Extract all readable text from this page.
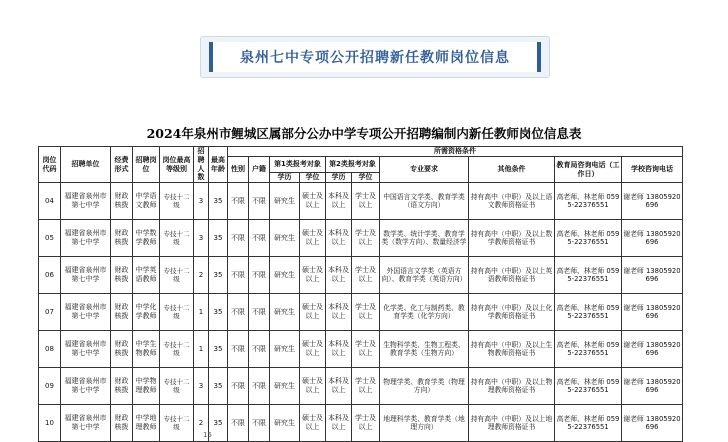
泉州七中专项公开招聘新任教师岗位信息
2024年泉州市鲤城区属部分公办中学专项公开招聘编制内新任教师岗位信息表
岗位代码	招聘单位	经费形式	招聘岗位	岗位最高等级别	招聘人数	最高年龄	所需资格条件									
							性别	户籍	第1类报考对象		第2类报考对象		专业要求	其他条件	教育局咨询电话（工作日）	学校咨询电话
									学历	学位	学历	学位				
04	福建省泉州市第七中学	财政核拨	中学语文教师	专技十二级	3	35	不限	不限	研究生	硕士及以上	本科及以上	学士及以上	中国语言文学类、教育学类（语文方向）	持有高中（中职）及以上语文教师资格证书	高老师、林老师 0595-22376551	谢老师 13805920696
05	福建省泉州市第七中学	财政核拨	中学数学教师	专技十二级	3	35	不限	不限	研究生	硕士及以上	本科及以上	学士及以上	数学类、统计学类、教育学类（数学方向）、数量经济学	持有高中（中职）及以上数学教师资格证书	高老师、林老师 0595-22376551	谢老师 13805920696
06	福建省泉州市第七中学	财政核拨	中学英语教师	专技十二级	2	35	不限	不限	研究生	硕士及以上	本科及以上	学士及以上	外国语言文学类（英语方向）、教育学类（英语方向）	持有高中（中职）及以上英语教师资格证书	高老师、林老师 0595-22376551	谢老师 13805920696
07	福建省泉州市第七中学	财政核拨	中学化学教师	专技十二级	1	35	不限	不限	研究生	硕士及以上	本科及以上	学士及以上	化学类、化工与制药类、教育学类（化学方向）	持有高中（中职）及以上化学教师资格证书	高老师、林老师 0595-22376551	谢老师 13805920696
08	福建省泉州市第七中学	财政核拨	中学生物教师	专技十二级	1	35	不限	不限	研究生	硕士及以上	本科及以上	学士及以上	生物科学类、生物工程类、教育学类（生物方向）	持有高中（中职）及以上生物教师资格证书	高老师、林老师 0595-22376551	谢老师 13805920696
09	福建省泉州市第七中学	财政核拨	中学物理教师	专技十二级	3	35	不限	不限	研究生	硕士及以上	本科及以上	学士及以上	物理学类、教育学类（物理方向）	持有高中（中职）及以上物理教师资格证书	高老师、林老师 0595-22376551	谢老师 13805920696
10	福建省泉州市第七中学	财政核拨	中学地理教师	专技十二级	2	35	不限	不限	研究生	硕士及以上	本科及以上	学士及以上	地理科学类、教育学类（地理方向）	持有高中（中职）及以上地理教师资格证书	高老师、林老师 0595-22376551	谢老师 13805920696
15
